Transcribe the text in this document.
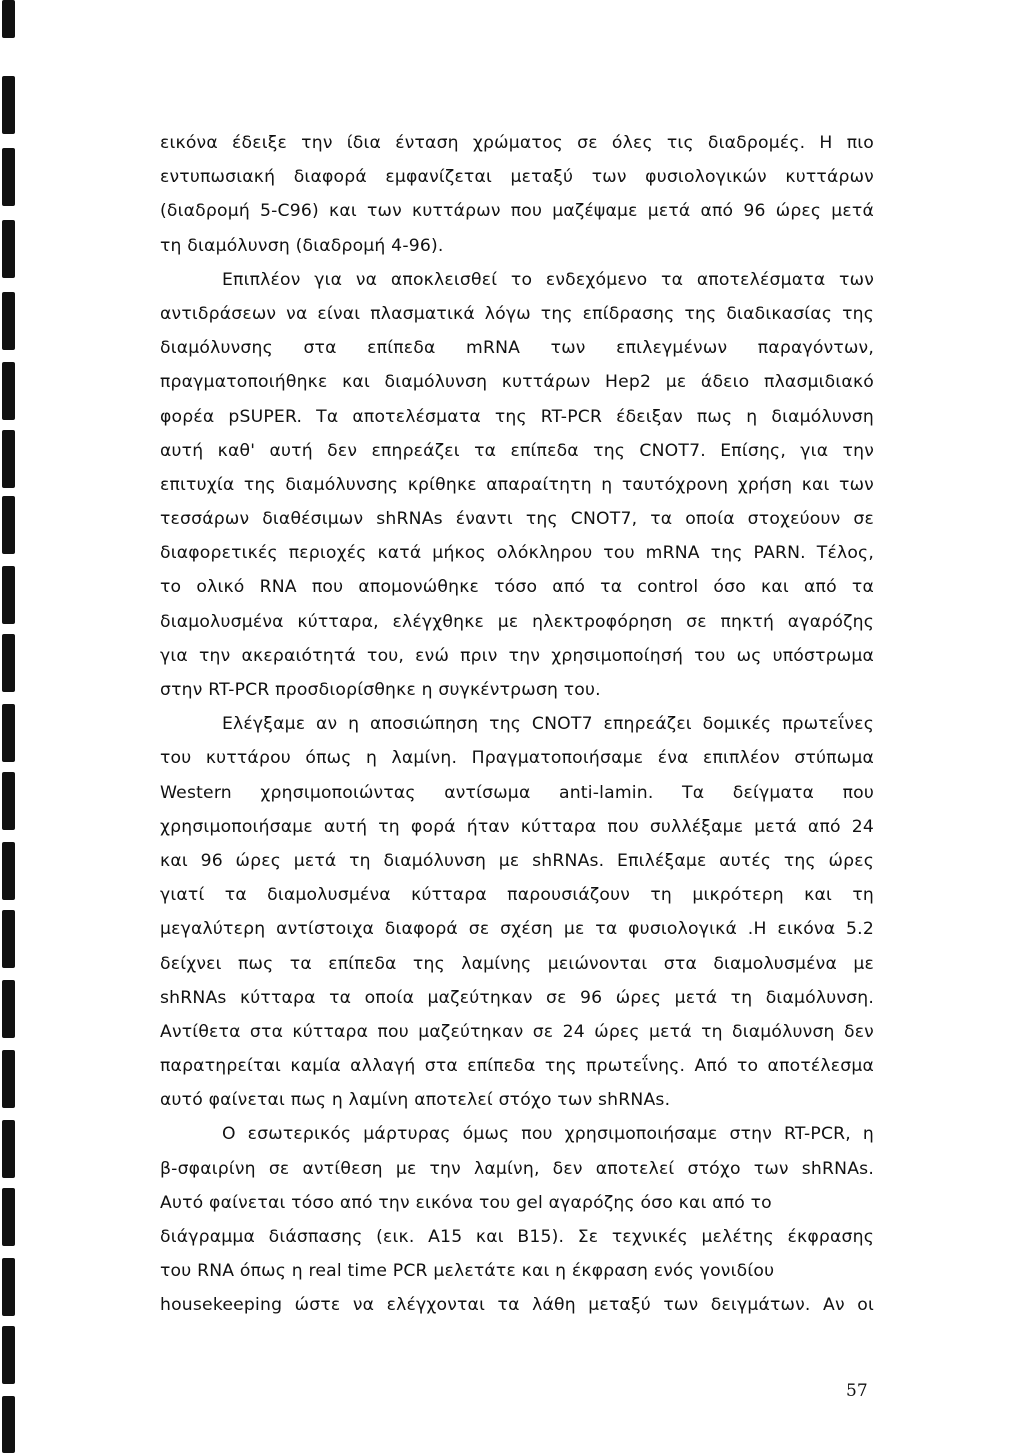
εικόνα έδειξε την ίδια ένταση χρώματος σε όλες τις διαδρομές. Η πιο
εντυπωσιακή διαφορά εμφανίζεται μεταξύ των φυσιολογικών κυττάρων
(διαδρομή 5-C96) και των κυττάρων που μαζέψαμε μετά από 96 ώρες μετά
τη διαμόλυνση (διαδρομή 4-96).
Επιπλέον για να αποκλεισθεί το ενδεχόμενο τα αποτελέσματα των
αντιδράσεων να είναι πλασματικά λόγω της επίδρασης της διαδικασίας της
διαμόλυνσης στα επίπεδα mRNA των επιλεγμένων παραγόντων,
πραγματοποιήθηκε και διαμόλυνση κυττάρων Hep2 με άδειο πλασμιδιακό
φορέα pSUPER. Τα αποτελέσματα της RT-PCR έδειξαν πως η διαμόλυνση
αυτή καθ' αυτή δεν επηρεάζει τα επίπεδα της CNOT7. Επίσης, για την
επιτυχία της διαμόλυνσης κρίθηκε απαραίτητη η ταυτόχρονη χρήση και των
τεσσάρων διαθέσιμων shRNAs έναντι της CNOT7, τα οποία στοχεύουν σε
διαφορετικές περιοχές κατά μήκος ολόκληρου του mRNA της PARN. Τέλος,
το ολικό RNA που απομονώθηκε τόσο από τα control όσο και από τα
διαμολυσμένα κύτταρα, ελέγχθηκε με ηλεκτροφόρηση σε πηκτή αγαρόζης
για την ακεραιότητά του, ενώ πριν την χρησιμοποίησή του ως υπόστρωμα
στην RT-PCR προσδιορίσθηκε η συγκέντρωση του.
Ελέγξαμε αν η αποσιώπηση της CNOT7 επηρεάζει δομικές πρωτεΐνες
του κυττάρου όπως η λαμίνη. Πραγματοποιήσαμε ένα επιπλέον στύπωμα
Western χρησιμοποιώντας αντίσωμα anti-lamin. Τα δείγματα που
χρησιμοποιήσαμε αυτή τη φορά ήταν κύτταρα που συλλέξαμε μετά από 24
και 96 ώρες μετά τη διαμόλυνση με shRNAs. Επιλέξαμε αυτές της ώρες
γιατί τα διαμολυσμένα κύτταρα παρουσιάζουν τη μικρότερη και τη
μεγαλύτερη αντίστοιχα διαφορά σε σχέση με τα φυσιολογικά .Η εικόνα 5.2
δείχνει πως τα επίπεδα της λαμίνης μειώνονται στα διαμολυσμένα με
shRNAs κύτταρα τα οποία μαζεύτηκαν σε 96 ώρες μετά τη διαμόλυνση.
Αντίθετα στα κύτταρα που μαζεύτηκαν σε 24 ώρες μετά τη διαμόλυνση δεν
παρατηρείται καμία αλλαγή στα επίπεδα της πρωτεΐνης. Από το αποτέλεσμα
αυτό φαίνεται πως η λαμίνη αποτελεί στόχο των shRNAs.
Ο εσωτερικός μάρτυρας όμως που χρησιμοποιήσαμε στην RT-PCR, η
β-σφαιρίνη σε αντίθεση με την λαμίνη, δεν αποτελεί στόχο των shRNAs.
Αυτό φαίνεται τόσο από την εικόνα του gel αγαρόζης όσο και από το
διάγραμμα διάσπασης (εικ. A15 και B15). Σε τεχνικές μελέτης έκφρασης
του RNA όπως η real time PCR μελετάτε και η έκφραση ενός γονιδίου
housekeeping ώστε να ελέγχονται τα λάθη μεταξύ των δειγμάτων. Αν οι
57
